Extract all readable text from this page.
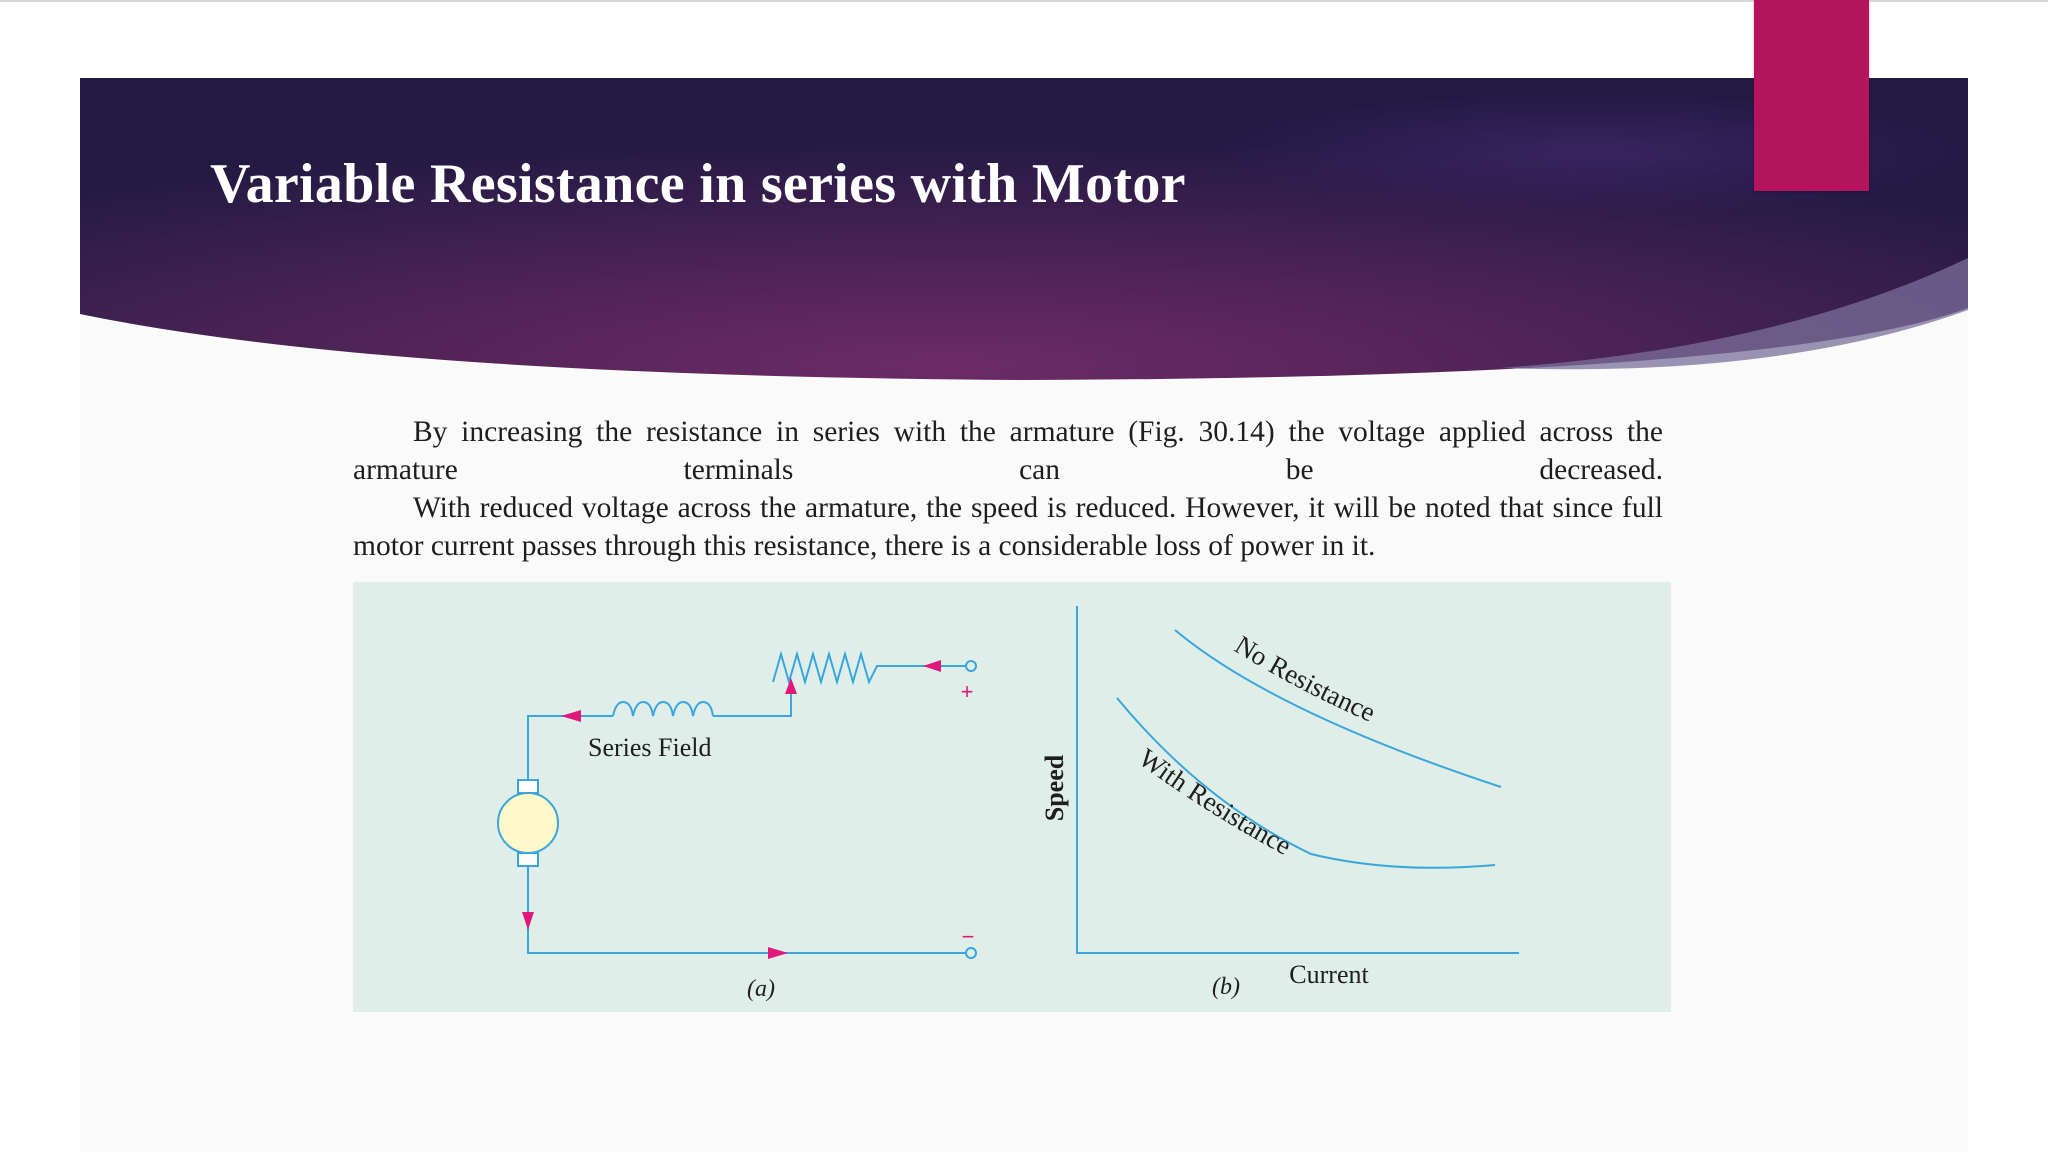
Variable Resistance in series with Motor

By increasing the resistance in series with the armature (Fig. 30.14) the voltage applied across the armature terminals can be decreased.

With reduced voltage across the armature, the speed is reduced. However, it will be noted that since full motor current passes through this resistance, there is a considerable loss of power in it.

Series Field
+
−
(a)
No Resistance
With Resistance
Speed
Current
(b)
